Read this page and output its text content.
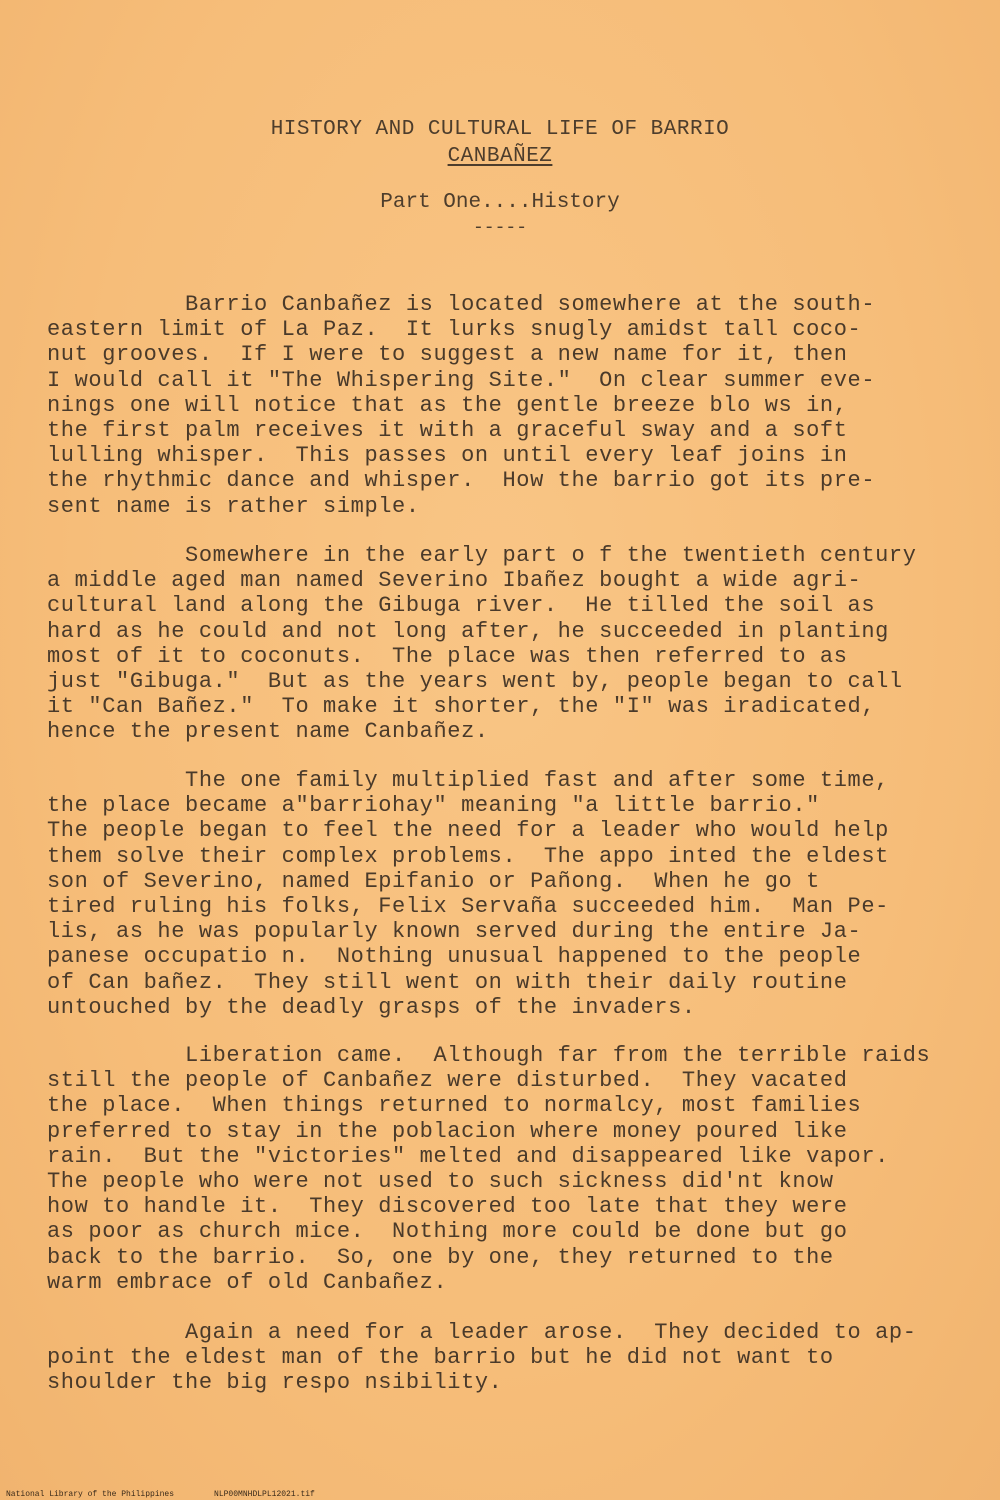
HISTORY AND CULTURAL LIFE OF BARRIO
CANBAÑEZ
Part One....History
-----
Barrio Canbañez is located somewhere at the south-
eastern limit of La Paz.  It lurks snugly amidst tall coco-
nut grooves.  If I were to suggest a new name for it, then
I would call it "The Whispering Site."  On clear summer eve-
nings one will notice that as the gentle breeze blo ws in,
the first palm receives it with a graceful sway and a soft
lulling whisper.  This passes on until every leaf joins in
the rhythmic dance and whisper.  How the barrio got its pre-
sent name is rather simple.
Somewhere in the early part o f the twentieth century
a middle aged man named Severino Ibañez bought a wide agri-
cultural land along the Gibuga river.  He tilled the soil as
hard as he could and not long after, he succeeded in planting
most of it to coconuts.  The place was then referred to as
just "Gibuga."  But as the years went by, people began to call
it "Can Bañez."  To make it shorter, the "I" was iradicated,
hence the present name Canbañez.
The one family multiplied fast and after some time,
the place became a"barriohay" meaning "a little barrio."
The people began to feel the need for a leader who would help
them solve their complex problems.  The appo inted the eldest
son of Severino, named Epifanio or Pañong.  When he go t
tired ruling his folks, Felix Servaña succeeded him.  Man Pe-
lis, as he was popularly known served during the entire Ja-
panese occupatio n.  Nothing unusual happened to the people
of Can bañez.  They still went on with their daily routine
untouched by the deadly grasps of the invaders.
Liberation came.  Although far from the terrible raids
still the people of Canbañez were disturbed.  They vacated
the place.  When things returned to normalcy, most families
preferred to stay in the poblacion where money poured like
rain.  But the "victories" melted and disappeared like vapor.
The people who were not used to such sickness did'nt know
how to handle it.  They discovered too late that they were
as poor as church mice.  Nothing more could be done but go
back to the barrio.  So, one by one, they returned to the
warm embrace of old Canbañez.
Again a need for a leader arose.  They decided to ap-
point the eldest man of the barrio but he did not want to
shoulder the big respo nsibility.
National Library of the Philippines	NLP00MNHDLPL12021.tif
